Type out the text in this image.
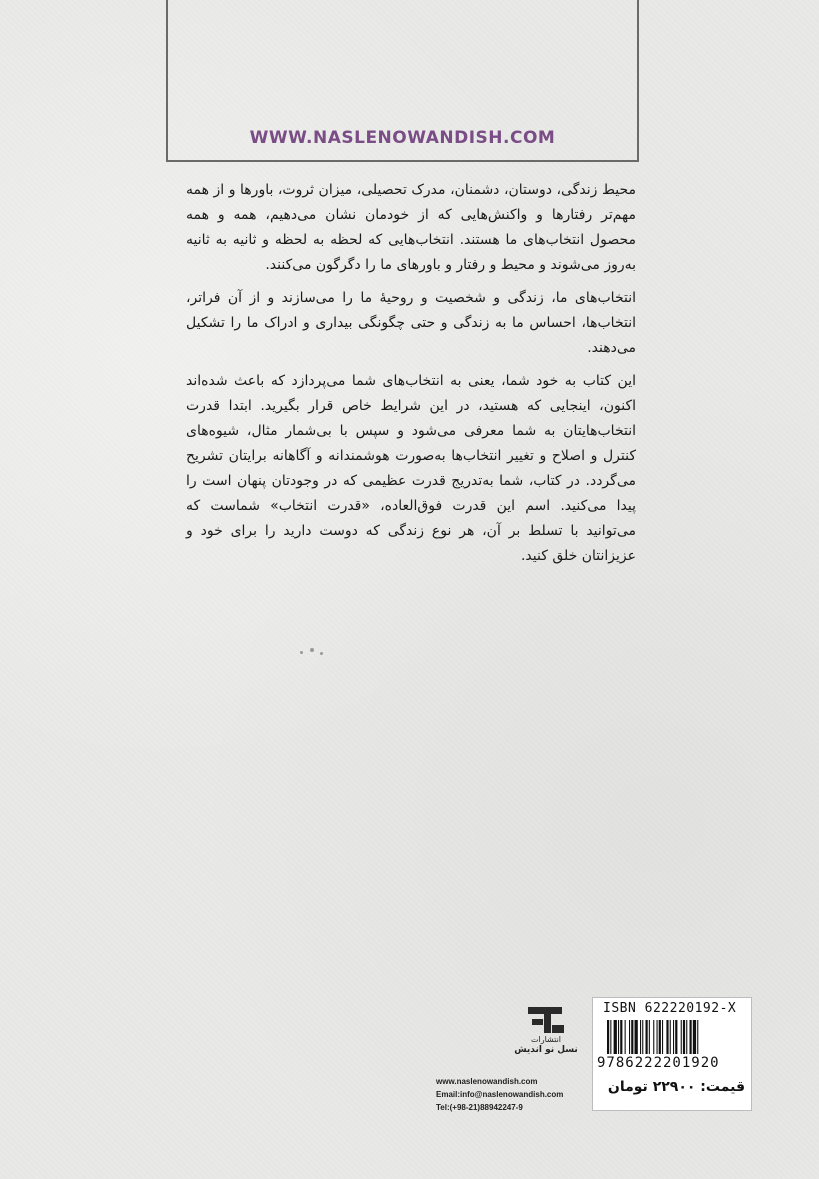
WWW.NASLENOWANDISH.COM

محیط زندگی، دوستان، دشمنان، مدرک تحصیلی، میزان ثروت، باورها و از همه مهم‌تر رفتارها و واکنش‌هایی که از خودمان نشان می‌دهیم، همه و همه محصول انتخاب‌های ما هستند. انتخاب‌هایی که لحظه به لحظه و ثانیه به ثانیه به‌روز می‌شوند و محیط و رفتار و باورهای ما را دگرگون می‌کنند.

انتخاب‌های ما، زندگی و شخصیت و روحیهٔ ما را می‌سازند و از آن فراتر، انتخاب‌ها، احساس ما به زندگی و حتی چگونگی بیداری و ادراک ما را تشکیل می‌دهند.

این کتاب به خود شما، یعنی به انتخاب‌های شما می‌پردازد که باعث شده‌اند اکنون، اینجایی که هستید، در این شرایط خاص قرار بگیرید. ابتدا قدرت انتخاب‌هایتان به شما معرفی می‌شود و سپس با بی‌شمار مثال، شیوه‌های کنترل و اصلاح و تغییر انتخاب‌ها به‌صورت هوشمندانه و آگاهانه برایتان تشریح می‌گردد. در کتاب، شما به‌تدریج قدرت عظیمی که در وجودتان پنهان است را پیدا می‌کنید. اسم این قدرت فوق‌العاده، «قدرت انتخاب» شماست که می‌توانید با تسلط بر آن، هر نوع زندگی که دوست دارید را برای خود و عزیزانتان خلق کنید.

انتشارات
نسل نو اندیش
www.naslenowandish.com
Email:info@naslenowandish.com
Tel:(+98-21)88942247-9
ISBN 622220192-X
9786222201920
قیمت: ۲۲۹۰۰ تومان
